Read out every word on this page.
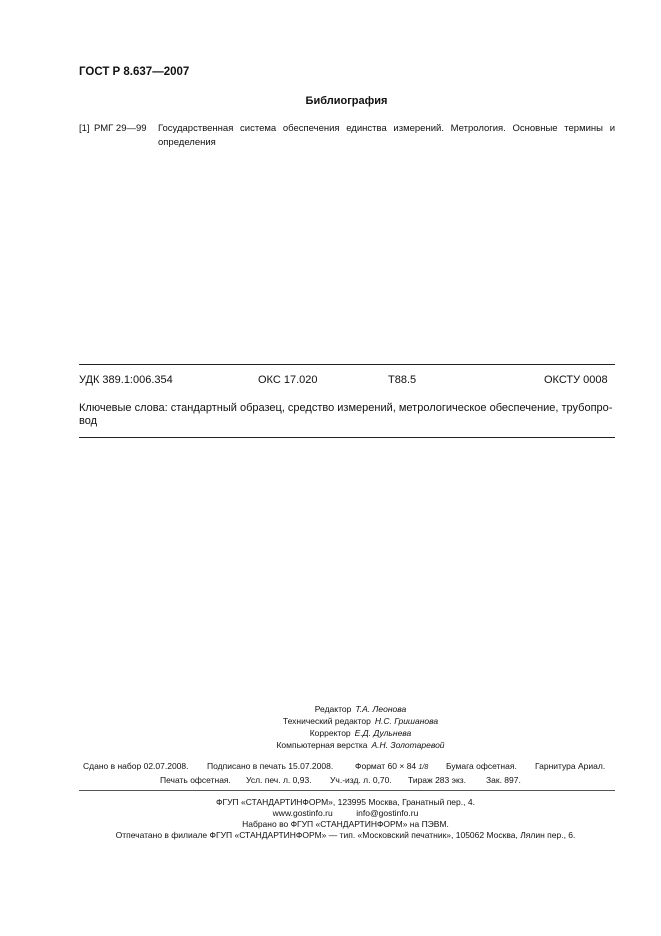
ГОСТ Р 8.637—2007
Библиография
[1] РМГ 29—99 Государственная система обеспечения единства измерений. Метрология. Основные термины и определения
УДК 389.1:006.354	ОКС 17.020	Т88.5	ОКСТУ 0008
Ключевые слова: стандартный образец, средство измерений, метрологическое обеспечение, трубопровод
Редактор Т.А. Леонова
Технический редактор Н.С. Гришанова
Корректор Е.Д. Дульнева
Компьютерная верстка А.Н. Золотаревой
Сдано в набор 02.07.2008. Подписано в печать 15.07.2008.	Формат 60 × 84 1/8 Бумага офсетная. Гарнитура Ариал.
Печать офсетная. Усл. печ. л. 0,93. Уч.-изд. л. 0,70. Тираж 283 экз. Зак. 897.
ФГУП «СТАНДАРТИНФОРМ», 123995 Москва, Гранатный пер., 4.
www.gostinfo.ru          info@gostinfo.ru
Набрано во ФГУП «СТАНДАРТИНФОРМ» на ПЭВМ.
Отпечатано в филиале ФГУП «СТАНДАРТИНФОРМ» — тип. «Московский печатник», 105062 Москва, Лялин пер., 6.
